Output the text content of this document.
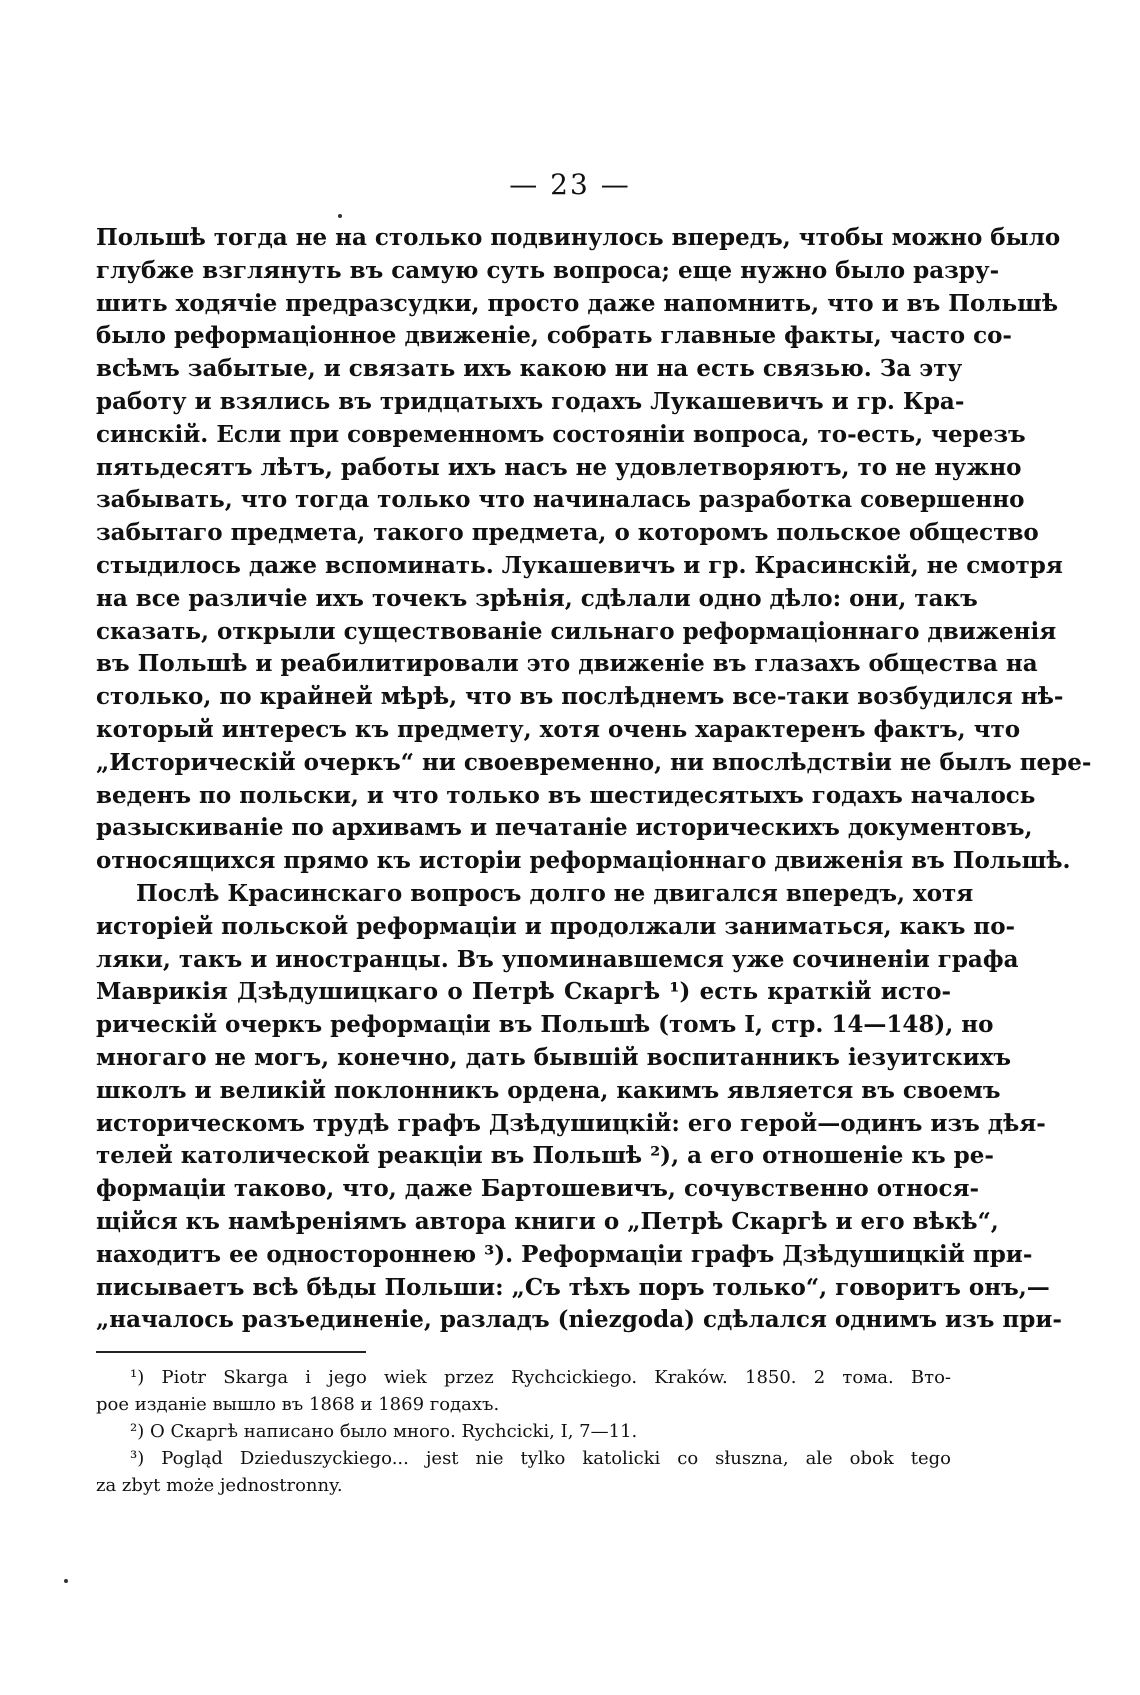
— 23 —
Польшѣ тогда не на столько подвинулось впередъ, чтобы можно было
глубже взглянуть въ самую суть вопроса; еще нужно было разру-
шить ходячіе предразсудки, просто даже напомнить, что и въ Польшѣ
было реформаціонное движеніе, собрать главные факты, часто со-
всѣмъ забытые, и связать ихъ какою ни на есть связью. За эту
работу и взялись въ тридцатыхъ годахъ Лукашевичъ и гр. Кра-
синскій. Если при современномъ состояніи вопроса, то-есть, черезъ
пятьдесятъ лѣтъ, работы ихъ насъ не удовлетворяютъ, то не нужно
забывать, что тогда только что начиналась разработка совершенно
забытаго предмета, такого предмета, о которомъ польское общество
стыдилось даже вспоминать. Лукашевичъ и гр. Красинскій, не смотря
на все различіе ихъ точекъ зрѣнія, сдѣлали одно дѣло: они, такъ
сказать, открыли существованіе сильнаго реформаціоннаго движенія
въ Польшѣ и реабилитировали это движеніе въ глазахъ общества на
столько, по крайней мѣрѣ, что въ послѣднемъ все-таки возбудился нѣ-
который интересъ къ предмету, хотя очень характеренъ фактъ, что
„Историческій очеркъ“ ни своевременно, ни впослѣдствіи не былъ пере-
веденъ по польски, и что только въ шестидесятыхъ годахъ началось
разыскиваніе по архивамъ и печатаніе историческихъ документовъ,
относящихся прямо къ исторіи реформаціоннаго движенія въ Польшѣ.
Послѣ Красинскаго вопросъ долго не двигался впередъ, хотя
исторіей польской реформаціи и продолжали заниматься, какъ по-
ляки, такъ и иностранцы. Въ упоминавшемся уже сочиненіи графа
Маврикія Дзѣдушицкаго о Петрѣ Скаргѣ ¹) есть краткій исто-
рическій очеркъ реформаціи въ Польшѣ (томъ I, стр. 14—148), но
многаго не могъ, конечно, дать бывшій воспитанникъ іезуитскихъ
школъ и великій поклонникъ ордена, какимъ является въ своемъ
историческомъ трудѣ графъ Дзѣдушицкій: его герой—одинъ изъ дѣя-
телей католической реакціи въ Польшѣ ²), а его отношеніе къ ре-
формаціи таково, что, даже Бартошевичъ, сочувственно относя-
щійся къ намѣреніямъ автора книги о „Петрѣ Скаргѣ и его вѣкѣ“,
находитъ ее одностороннею ³). Реформаціи графъ Дзѣдушицкій при-
писываетъ всѣ бѣды Польши: „Съ тѣхъ поръ только“, говоритъ онъ,—
„началось разъединеніе, разладъ (niezgoda) сдѣлался однимъ изъ при-
¹) Piotr Skarga i jego wiek przez Rychcickiego. Kraków. 1850. 2 тома. Вто-
рое изданіе вышло въ 1868 и 1869 годахъ.
²) О Скаргѣ написано было много. Rychcicki, I, 7—11.
³) Pogląd Dzieduszyckiego... jest nie tylko katolicki co słuszna, ale obok tego
za zbyt może jednostronny.
